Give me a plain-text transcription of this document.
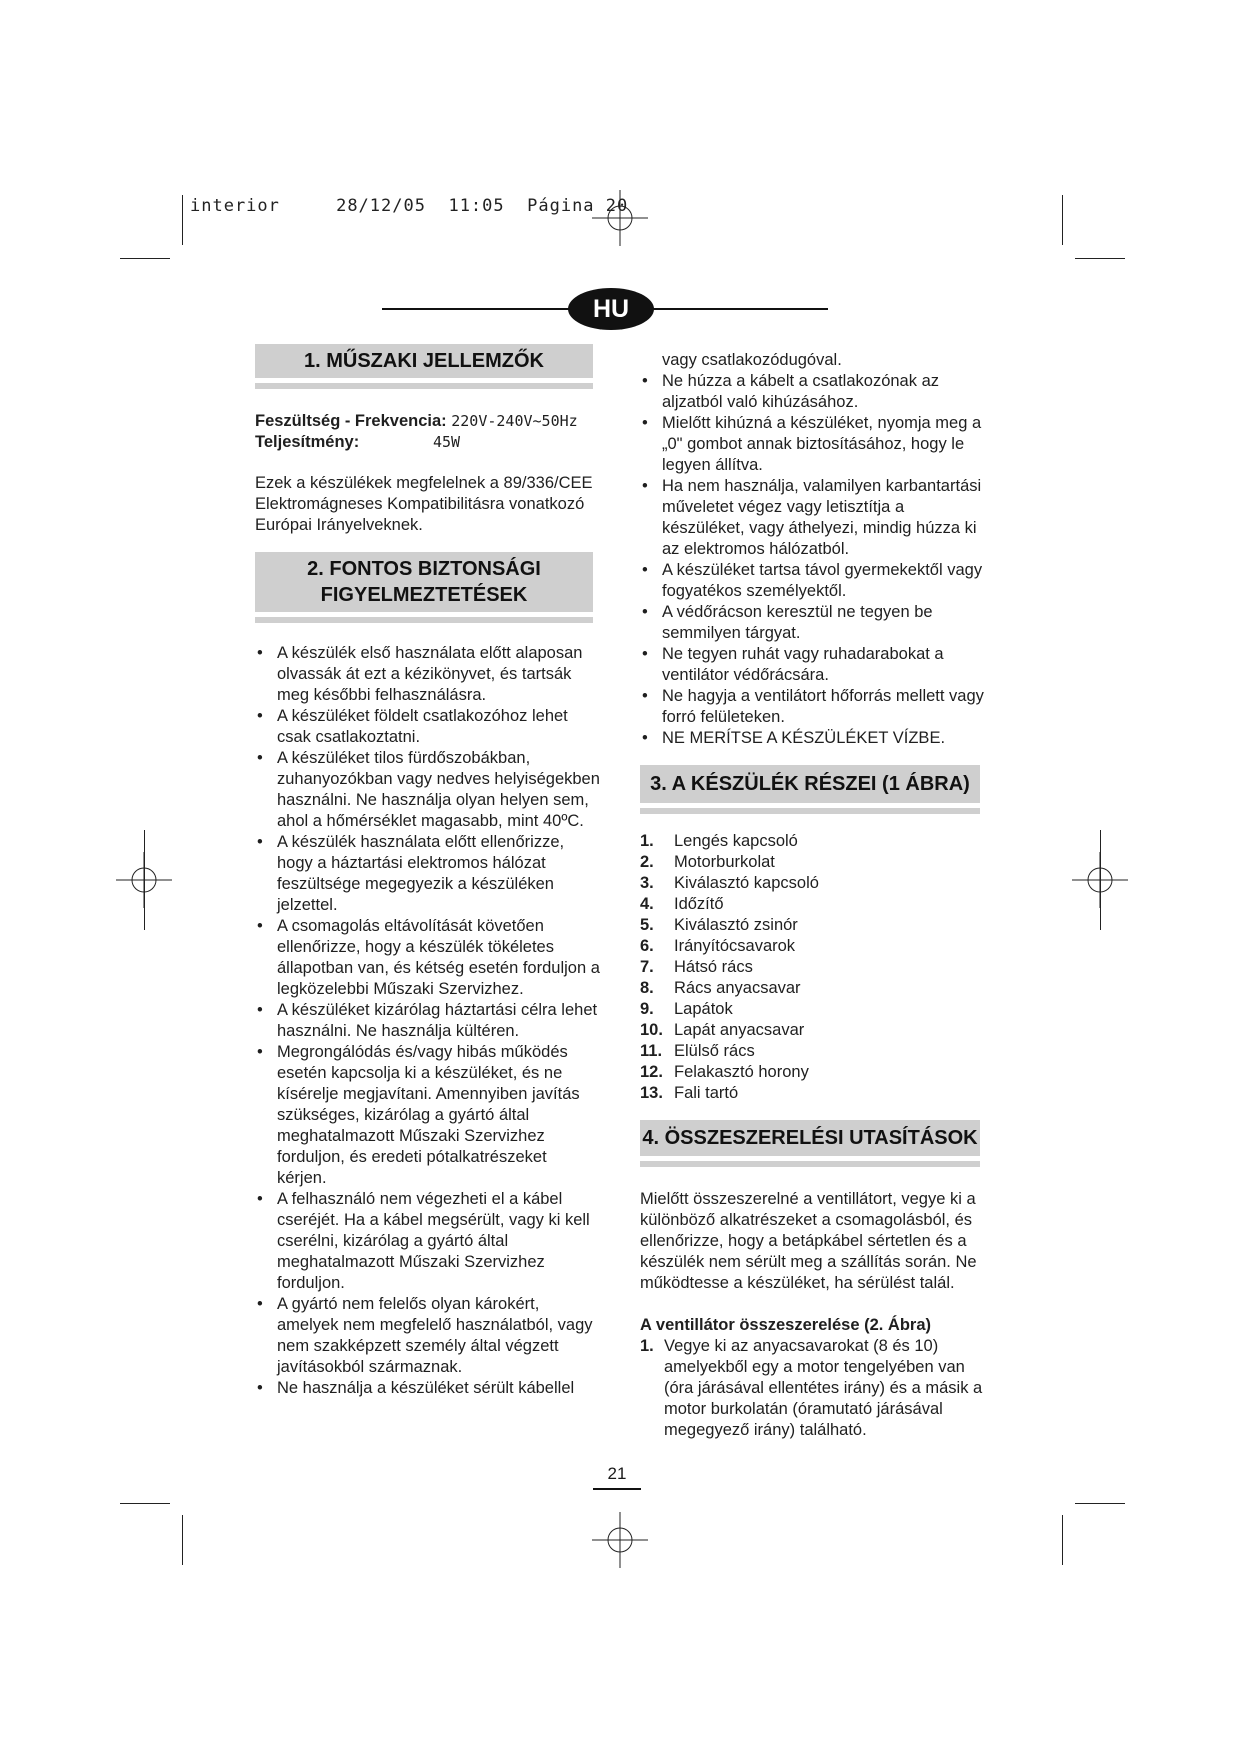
interior	28/12/05 11:05 Página 20
HU
1. MŰSZAKI JELLEMZŐK
Feszültség - Frekvencia:
220V-240V~50Hz
Teljesítmény:	45W
Ezek a készülékek megfelelnek a 89/336/CEE Elektromágneses Kompatibilitásra vonatkozó Európai Irányelveknek.
2. FONTOS BIZTONSÁGI
FIGYELMEZTETÉSEK
• A készülék első használata előtt alaposan olvassák át ezt a kézikönyvet, és tartsák meg későbbi felhasználásra.
• A készüléket földelt csatlakozóhoz lehet csak csatlakoztatni.
• A készüléket tilos fürdőszobákban, zuhanyozókban vagy nedves helyiségekben használni. Ne használja olyan helyen sem, ahol a hőmérséklet magasabb, mint 40ºC.
• A készülék használata előtt ellenőrizze, hogy a háztartási elektromos hálózat feszültsége megegyezik a készüléken jelzettel.
• A csomagolás eltávolítását követően ellenőrizze, hogy a készülék tökéletes állapotban van, és kétség esetén forduljon a legközelebbi Műszaki Szervizhez.
• A készüléket kizárólag háztartási célra lehet használni. Ne használja kültéren.
• Megrongálódás és/vagy hibás működés esetén kapcsolja ki a készüléket, és ne kísérelje megjavítani. Amennyiben javítás szükséges, kizárólag a gyártó által meghatalmazott Műszaki Szervizhez forduljon, és eredeti pótalkatrészeket kérjen.
• A felhasználó nem végezheti el a kábel cseréjét. Ha a kábel megsérült, vagy ki kell cserélni, kizárólag a gyártó által meghatalmazott Műszaki Szervizhez forduljon.
• A gyártó nem felelős olyan károkért, amelyek nem megfelelő használatból, vagy nem szakképzett személy által végzett javításokból származnak.
• Ne használja a készüléket sérült kábellel
vagy csatlakozódugóval.
• Ne húzza a kábelt a csatlakozónak az aljzatból való kihúzásához.
• Mielőtt kihúzná a készüléket, nyomja meg a „0" gombot annak biztosításához, hogy le legyen állítva.
• Ha nem használja, valamilyen karbantartási műveletet végez vagy letisztítja a készüléket, vagy áthelyezi, mindig húzza ki az elektromos hálózatból.
• A készüléket tartsa távol gyermekektől vagy fogyatékos személyektől.
• A védőrácson keresztül ne tegyen be semmilyen tárgyat.
• Ne tegyen ruhát vagy ruhadarabokat a ventilátor védőrácsára.
• Ne hagyja a ventilátort hőforrás mellett vagy forró felületeken.
• NE MERÍTSE A KÉSZÜLÉKET VÍZBE.
3. A KÉSZÜLÉK RÉSZEI (1 ÁBRA)
1.	Lengés kapcsoló
2.	Motorburkolat
3.	Kiválasztó kapcsoló
4.	Időzítő
5.	Kiválasztó zsinór
6.	Irányítócsavarok
7.	Hátsó rács
8.	Rács anyacsavar
9.	Lapátok
10. Lapát anyacsavar
11. Elülső rács
12. Felakasztó horony
13. Fali tartó
4. ÖSSZESZERELÉSI UTASÍTÁSOK
Mielőtt összeszerelné a ventillátort, vegye ki a különböző alkatrészeket a csomagolásból, és ellenőrizze, hogy a betápkábel sértetlen és a készülék nem sérült meg a szállítás során. Ne működtesse a készüléket, ha sérülést talál.
A ventillátor összeszerelése (2. Ábra)
1. Vegye ki az anyacsavarokat (8 és 10) amelyekből egy a motor tengelyében van (óra járásával ellentétes irány) és a másik a motor burkolatán (óramutató járásával megegyező irány) található.
21
